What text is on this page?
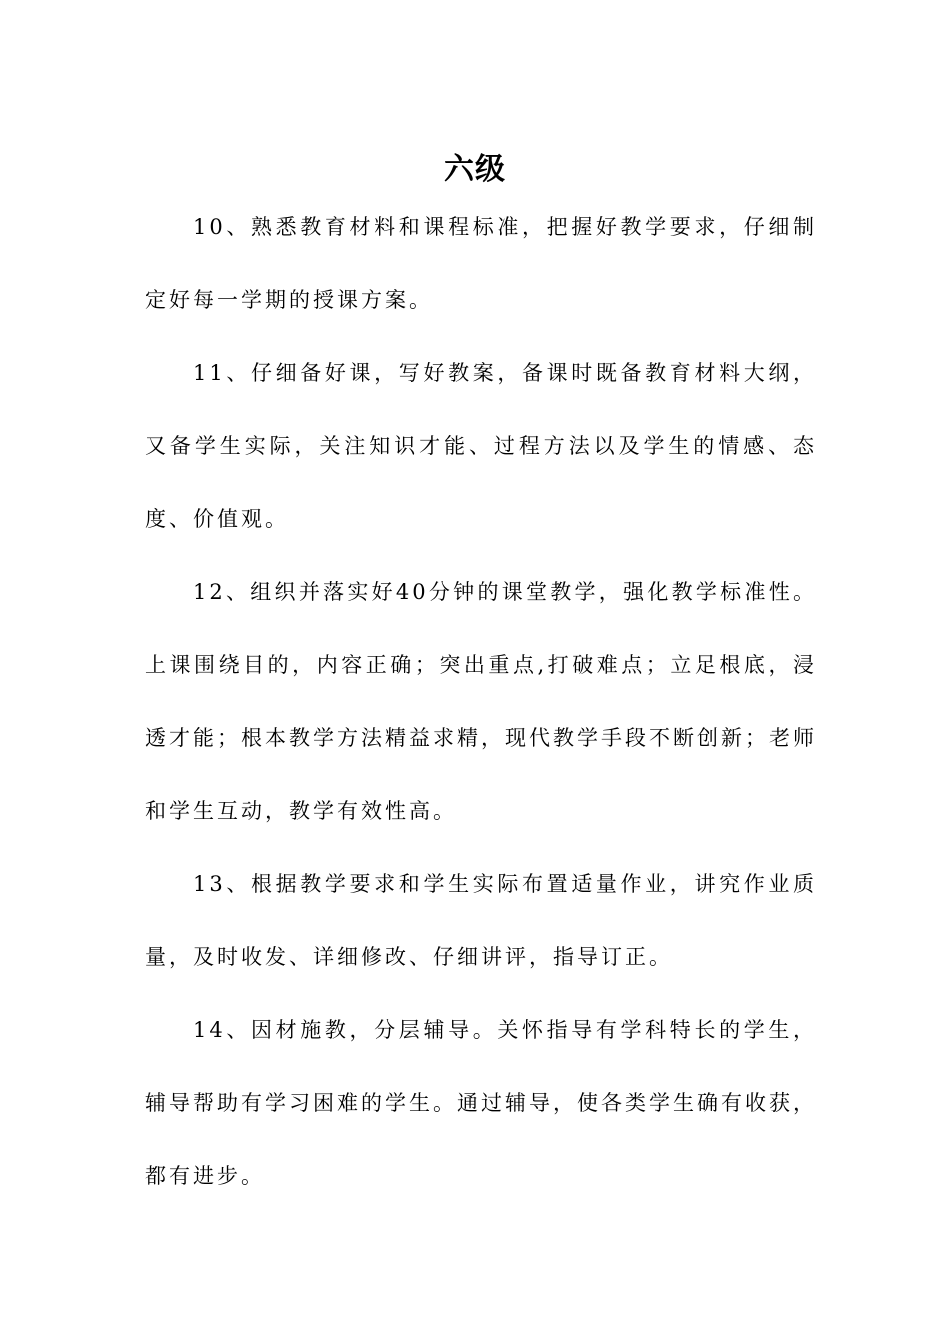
六级

10、熟悉教育材料和课程标准，把握好教学要求，仔细制定好每一学期的授课方案。

11、仔细备好课，写好教案，备课时既备教育材料大纲，又备学生实际，关注知识才能、过程方法以及学生的情感、态度、价值观。

12、组织并落实好40分钟的课堂教学，强化教学标准性。上课围绕目的，内容正确；突出重点,打破难点；立足根底，浸透才能；根本教学方法精益求精，现代教学手段不断创新；老师和学生互动，教学有效性高。

13、根据教学要求和学生实际布置适量作业，讲究作业质量，及时收发、详细修改、仔细讲评，指导订正。

14、因材施教，分层辅导。关怀指导有学科特长的学生，辅导帮助有学习困难的学生。通过辅导，使各类学生确有收获，都有进步。
